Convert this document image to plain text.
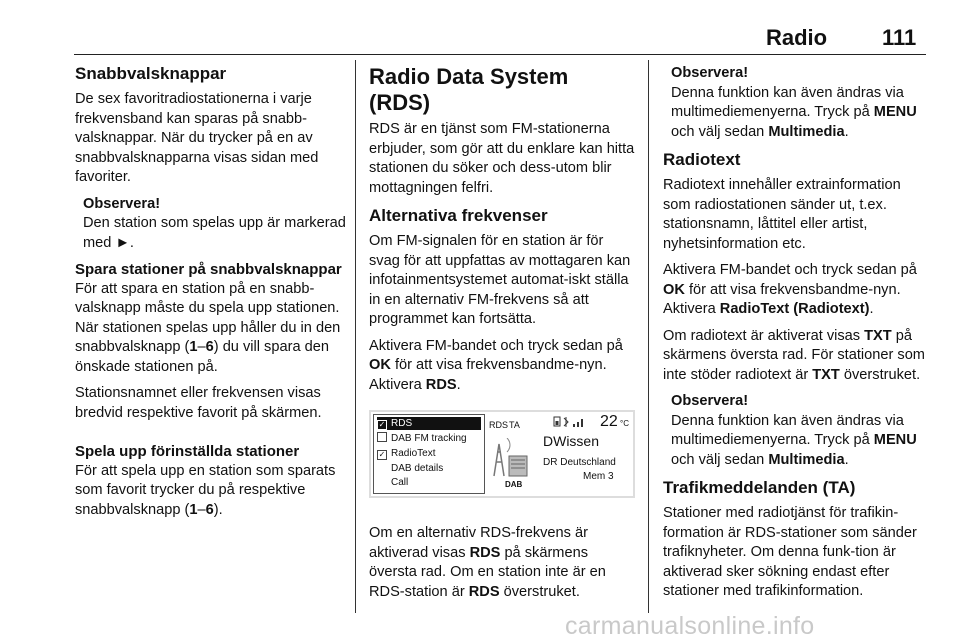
Radio 111
Snabbvalsknappar

De sex favoritradiostationerna i varje frekvensband kan sparas på snabb-valsknappar. När du trycker på en av snabbvalsknapparna visas sidan med favoriter.

Observera!
Den station som spelas upp är markerad med ►.
Spara stationer på snabbvalsknappar

För att spara en station på en snabb-valsknapp måste du spela upp stationen. När stationen spelas upp håller du in den snabbvalsknapp (1–6) du vill spara den önskade stationen på.

Stationsnamnet eller frekvensen visas bredvid respektive favorit på skärmen.

Spela upp förinställda stationer

För att spela upp en station som sparats som favorit trycker du på respektive snabbvalsknapp (1–6).

Radio Data System (RDS)

RDS är en tjänst som FM-stationerna erbjuder, som gör att du enklare kan hitta stationen du söker och dess-utom blir mottagningen felfri.

Alternativa frekvenser

Om FM-signalen för en station är för svag för att uppfattas av mottagaren kan infotainmentsystemet automat-iskt ställa in en alternativ FM-frekvens så att programmet kan fortsätta.

Aktivera FM-bandet och tryck sedan på OK för att visa frekvensbandme-nyn. Aktivera RDS.

✓ RDS
DAB FM tracking
✓ RadioText
DAB details
Call
RDS TA	22 °C
DAB
DWissen
DR Deutschland
Mem 3

Om en alternativ RDS-frekvens är aktiverad visas RDS på skärmens översta rad. Om en station inte är en RDS-station är RDS överstruket.

Observera!
Denna funktion kan även ändras via multimediemenyerna. Tryck på MENU och välj sedan Multimedia.
Radiotext

Radiotext innehåller extrainformation som radiostationen sänder ut, t.ex. stationsnamn, låttitel eller artist, nyhetsinformation etc.

Aktivera FM-bandet och tryck sedan på OK för att visa frekvensbandme-nyn. Aktivera RadioText (Radiotext).

Om radiotext är aktiverat visas TXT på skärmens översta rad. För stationer som inte stöder radiotext är TXT överstruket.

Observera!
Denna funktion kan även ändras via multimediemenyerna. Tryck på MENU och välj sedan Multimedia.
Trafikmeddelanden (TA)

Stationer med radiotjänst för trafikin-formation är RDS-stationer som sänder trafiknyheter. Om denna funk-tion är aktiverad sker sökning endast efter stationer med trafikinformation.

carmanualsonline.info
